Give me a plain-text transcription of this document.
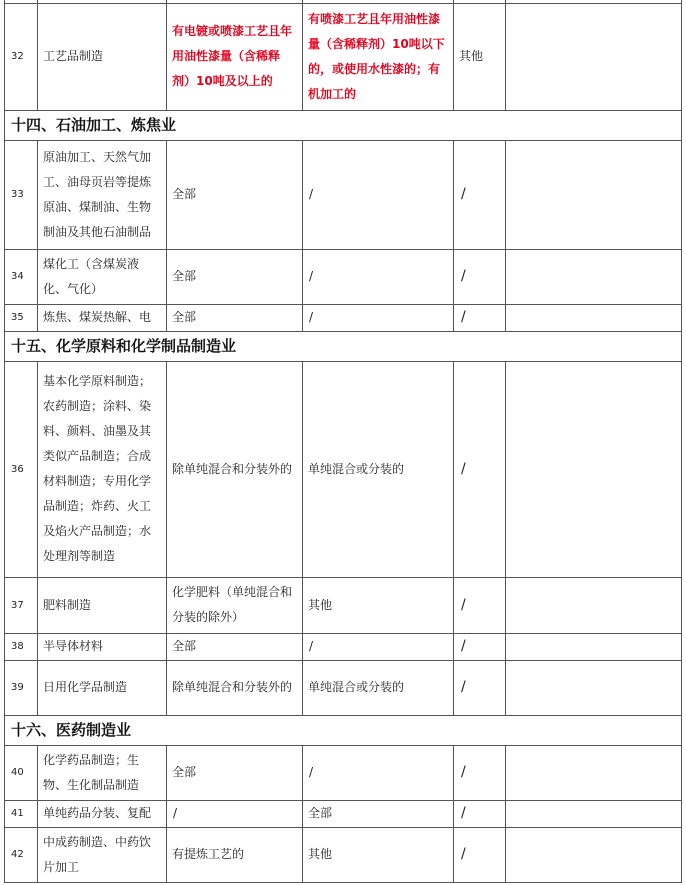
32	工艺品制造	有电镀或喷漆工艺且年用油性漆量（含稀释剂）10吨及以上的	有喷漆工艺且年用油性漆量（含稀释剂）10吨以下的，或使用水性漆的；有机加工的	其他	
十四、石油加工、炼焦业					
33	原油加工、天然气加工、油母页岩等提炼原油、煤制油、生物制油及其他石油制品	全部	/	/	
34	煤化工（含煤炭液化、气化）	全部	/	/	
35	炼焦、煤炭热解、电	全部	/	/	
十五、化学原料和化学制品制造业					
36	基本化学原料制造；农药制造；涂料、染料、颜料、油墨及其类似产品制造；合成材料制造；专用化学品制造；炸药、火工及焰火产品制造；水处理剂等制造	除单纯混合和分装外的	单纯混合或分装的	/	
37	肥料制造	化学肥料（单纯混合和分装的除外）	其他	/	
38	半导体材料	全部	/	/	
39	日用化学品制造	除单纯混合和分装外的	单纯混合或分装的	/	
十六、医药制造业					
40	化学药品制造；生物、生化制品制造	全部	/	/	
41	单纯药品分装、复配	/	全部	/	
42	中成药制造、中药饮片加工	有提炼工艺的	其他	/	
